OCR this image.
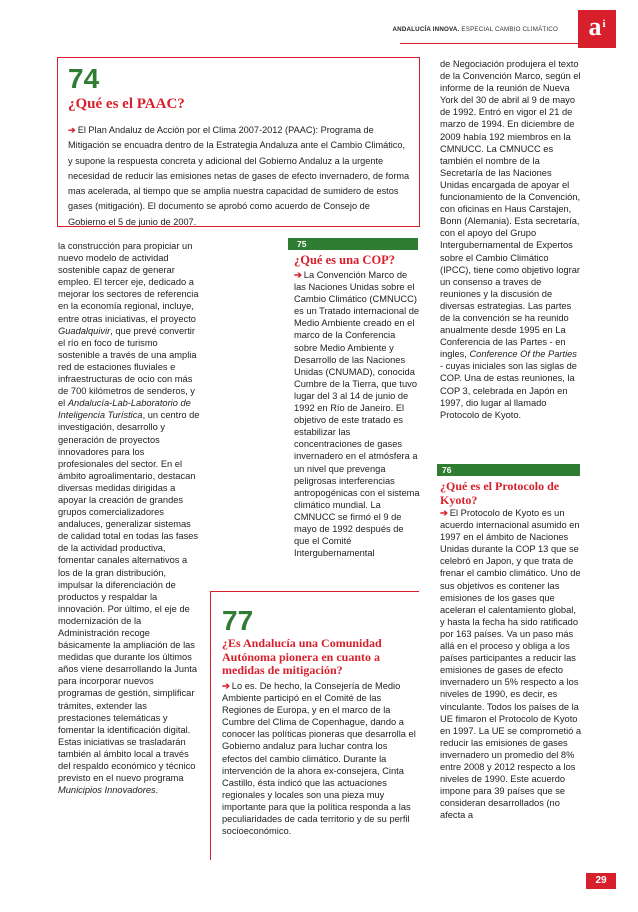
ANDALUCÍA INNOVA. ESPECIAL CAMBIO CLIMÁTICO	$a^i$
74
¿Qué es el PAAC?
➔ El Plan Andaluz de Acción por el Clima 2007-2012 (PAAC): Programa de Mitigación se encuadra dentro de la Estrategia Andaluza ante el Cambio Climático, y supone la respuesta concreta y adicional del Gobierno Andaluz a la urgente necesidad de reducir las emisiones netas de gases de efecto invernadero, de forma mas acelerada, al tiempo que se amplia nuestra capacidad de sumidero de estos gases (mitigación). El documento se aprobó como acuerdo de Consejo de Gobierno el 5 de junio de 2007.

la construcción para propiciar un nuevo modelo de actividad sostenible capaz de generar empleo. El tercer eje, dedicado a mejorar los sectores de referencia en la economía regional, incluye, entre otras iniciativas, el proyecto Guadalquivir, que prevé convertir el río en foco de turismo sostenible a través de una amplia red de estaciones fluviales e infraestructuras de ocio con más de 700 kilómetros de senderos, y el Andalucía-Lab-Laboratorio de Inteligencia Turística, un centro de investigación, desarrollo y generación de proyectos innovadores para los profesionales del sector. En el ámbito agroalimentario, destacan diversas medidas dirigidas a apoyar la creación de grandes grupos comercializadores andaluces, generalizar sistemas de calidad total en todas las fases de la actividad productiva, fomentar canales alternativos a los de la gran distribución, impulsar la diferenciación de productos y respaldar la innovación. Por último, el eje de modernización de la Administración recoge básicamente la ampliación de las medidas que durante los últimos años viene desarrollando la Junta para incorporar nuevos programas de gestión, simplificar trámites, extender las prestaciones telemáticas y fomentar la identificación digital. Estas iniciativas se trasladarán también al ámbito local a través del respaldo económico y técnico previsto en el nuevo programa Municipios Innovadores.

75
¿Qué es una COP?
➔ La Convención Marco de las Naciones Unidas sobre el Cambio Climático (CMNUCC) es un Tratado internacional de Medio Ambiente creado en el marco de la Conferencia sobre Medio Ambiente y Desarrollo de las Naciones Unidas (CNUMAD), conocida Cumbre de la Tierra, que tuvo lugar del 3 al 14 de junio de 1992 en Río de Janeiro. El objetivo de este tratado es estabilizar las concentraciones de gases invernadero en el atmósfera a un nivel que prevenga peligrosas interferencias antropogénicas con el sistema climático mundial. La CMNUCC se firmó el 9 de mayo de 1992 después de que el Comité Intergubernamental

de Negociación produjera el texto de la Convención Marco, según el informe de la reunión de Nueva York del 30 de abril al 9 de mayo de 1992. Entró en vigor el 21 de marzo de 1994. En diciembre de 2009 había 192 miembros en la CMNUCC. La CMNUCC es también el nombre de la Secretaría de las Naciones Unidas encargada de apoyar el funcionamiento de la Convención, con oficinas en Haus Carstajen, Bonn (Alemania). Esta secretaría, con el apoyo del Grupo Intergubernamental de Expertos sobre el Cambio Climático (IPCC), tiene como objetivo lograr un consenso a traves de reuniones y la discusión de diversas estrategias. Las partes de la convención se ha reunido anualmente desde 1995 en La Conferencia de las Partes - en ingles, Conference Of the Parties - cuyas iniciales son las siglas de COP. Una de estas reuniones, la COP 3, celebrada en Japón en 1997, dio lugar al llamado Protocolo de Kyoto.

76
¿Qué es el Protocolo de Kyoto?
➔ El Protocolo de Kyoto es un acuerdo internacional asumido en 1997 en el ámbito de Naciones Unidas durante la COP 13 que se celebró en Japon, y que trata de frenar el cambio climático. Uno de sus objetivos es contener las emisiones de los gases que aceleran el calentamiento global, y hasta la fecha ha sido ratificado por 163 países. Va un paso más allá en el proceso y obliga a los países participantes a reducir las emisiones de gases de efecto invernadero un 5% respecto a los niveles de 1990, es decir, es vinculante. Todos los países de la UE fimaron el Protocolo de Kyoto en 1997. La UE se comprometió a reducir las emisiones de gases invernadero un promedio del 8% entre 2008 y 2012 respecto a los niveles de 1990. Este acuerdo impone para 39 países que se consideran desarrollados (no afecta a
77
¿Es Andalucía una Comunidad Autónoma pionera en cuanto a medidas de mitigación?
➔ Lo es. De hecho, la Consejería de Medio Ambiente participó en el Comité de las Regiones de Europa, y en el marco de la Cumbre del Clima de Copenhague, dando a conocer las políticas pioneras que desarrolla el Gobierno andaluz para luchar contra los efectos del cambio climático. Durante la intervención de la ahora ex-consejera, Cinta Castillo, ésta indicó que las actuaciones regionales y locales son una pieza muy importante para que la política responda a las peculiaridades de cada territorio y de su perfil socioeconómico.
29
